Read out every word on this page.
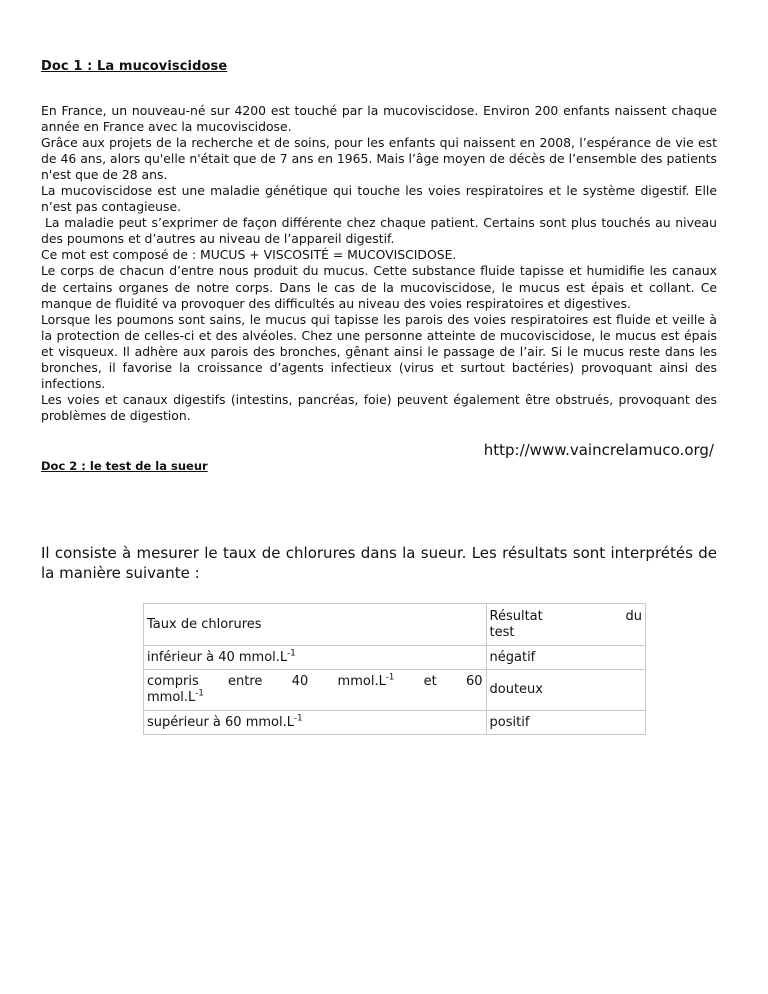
Doc 1 : La mucoviscidose

En France, un nouveau-né sur 4200 est touché par la mucoviscidose. Environ 200 enfants naissent chaque année en France avec la mucoviscidose.

Grâce aux projets de la recherche et de soins, pour les enfants qui naissent en 2008, l’espérance de vie est de 46 ans, alors qu'elle n'était que de 7 ans en 1965. Mais l’âge moyen de décès de l’ensemble des patients n'est que de 28 ans.

La mucoviscidose est une maladie génétique qui touche les voies respiratoires et le système digestif. Elle n’est pas contagieuse.

La maladie peut s’exprimer de façon différente chez chaque patient. Certains sont plus touchés au niveau des poumons et d’autres au niveau de l’appareil digestif.

Ce mot est composé de : MUCUS + VISCOSITÉ = MUCOVISCIDOSE.

Le corps de chacun d’entre nous produit du mucus. Cette substance fluide tapisse et humidifie les canaux de certains organes de notre corps. Dans le cas de la mucoviscidose, le mucus est épais et collant. Ce manque de fluidité va provoquer des difficultés au niveau des voies respiratoires et digestives.

Lorsque les poumons sont sains, le mucus qui tapisse les parois des voies respiratoires est fluide et veille à la protection de celles-ci et des alvéoles. Chez une personne atteinte de mucoviscidose, le mucus est épais et visqueux. Il adhère aux parois des bronches, gênant ainsi le passage de l’air. Si le mucus reste dans les bronches, il favorise la croissance d’agents infectieux (virus et surtout bactéries) provoquant ainsi des infections.

Les voies et canaux digestifs (intestins, pancréas, foie) peuvent également être obstrués, provoquant des problèmes de digestion.

http://www.vaincrelamuco.org/
Doc 2 : le test de la sueur

Il consiste à mesurer le taux de chlorures dans la sueur. Les résultats sont interprétés de la manière suivante :

Taux de chlorures	Résultat du
test

inférieur à 40 $mmol.L^{-1}$	négatif

compris entre 40 $mmol.L^{-1}$ et 60
$mmol.L^{-1}$	douteux
supérieur à 60 $mmol.L^{-1}$	positif
